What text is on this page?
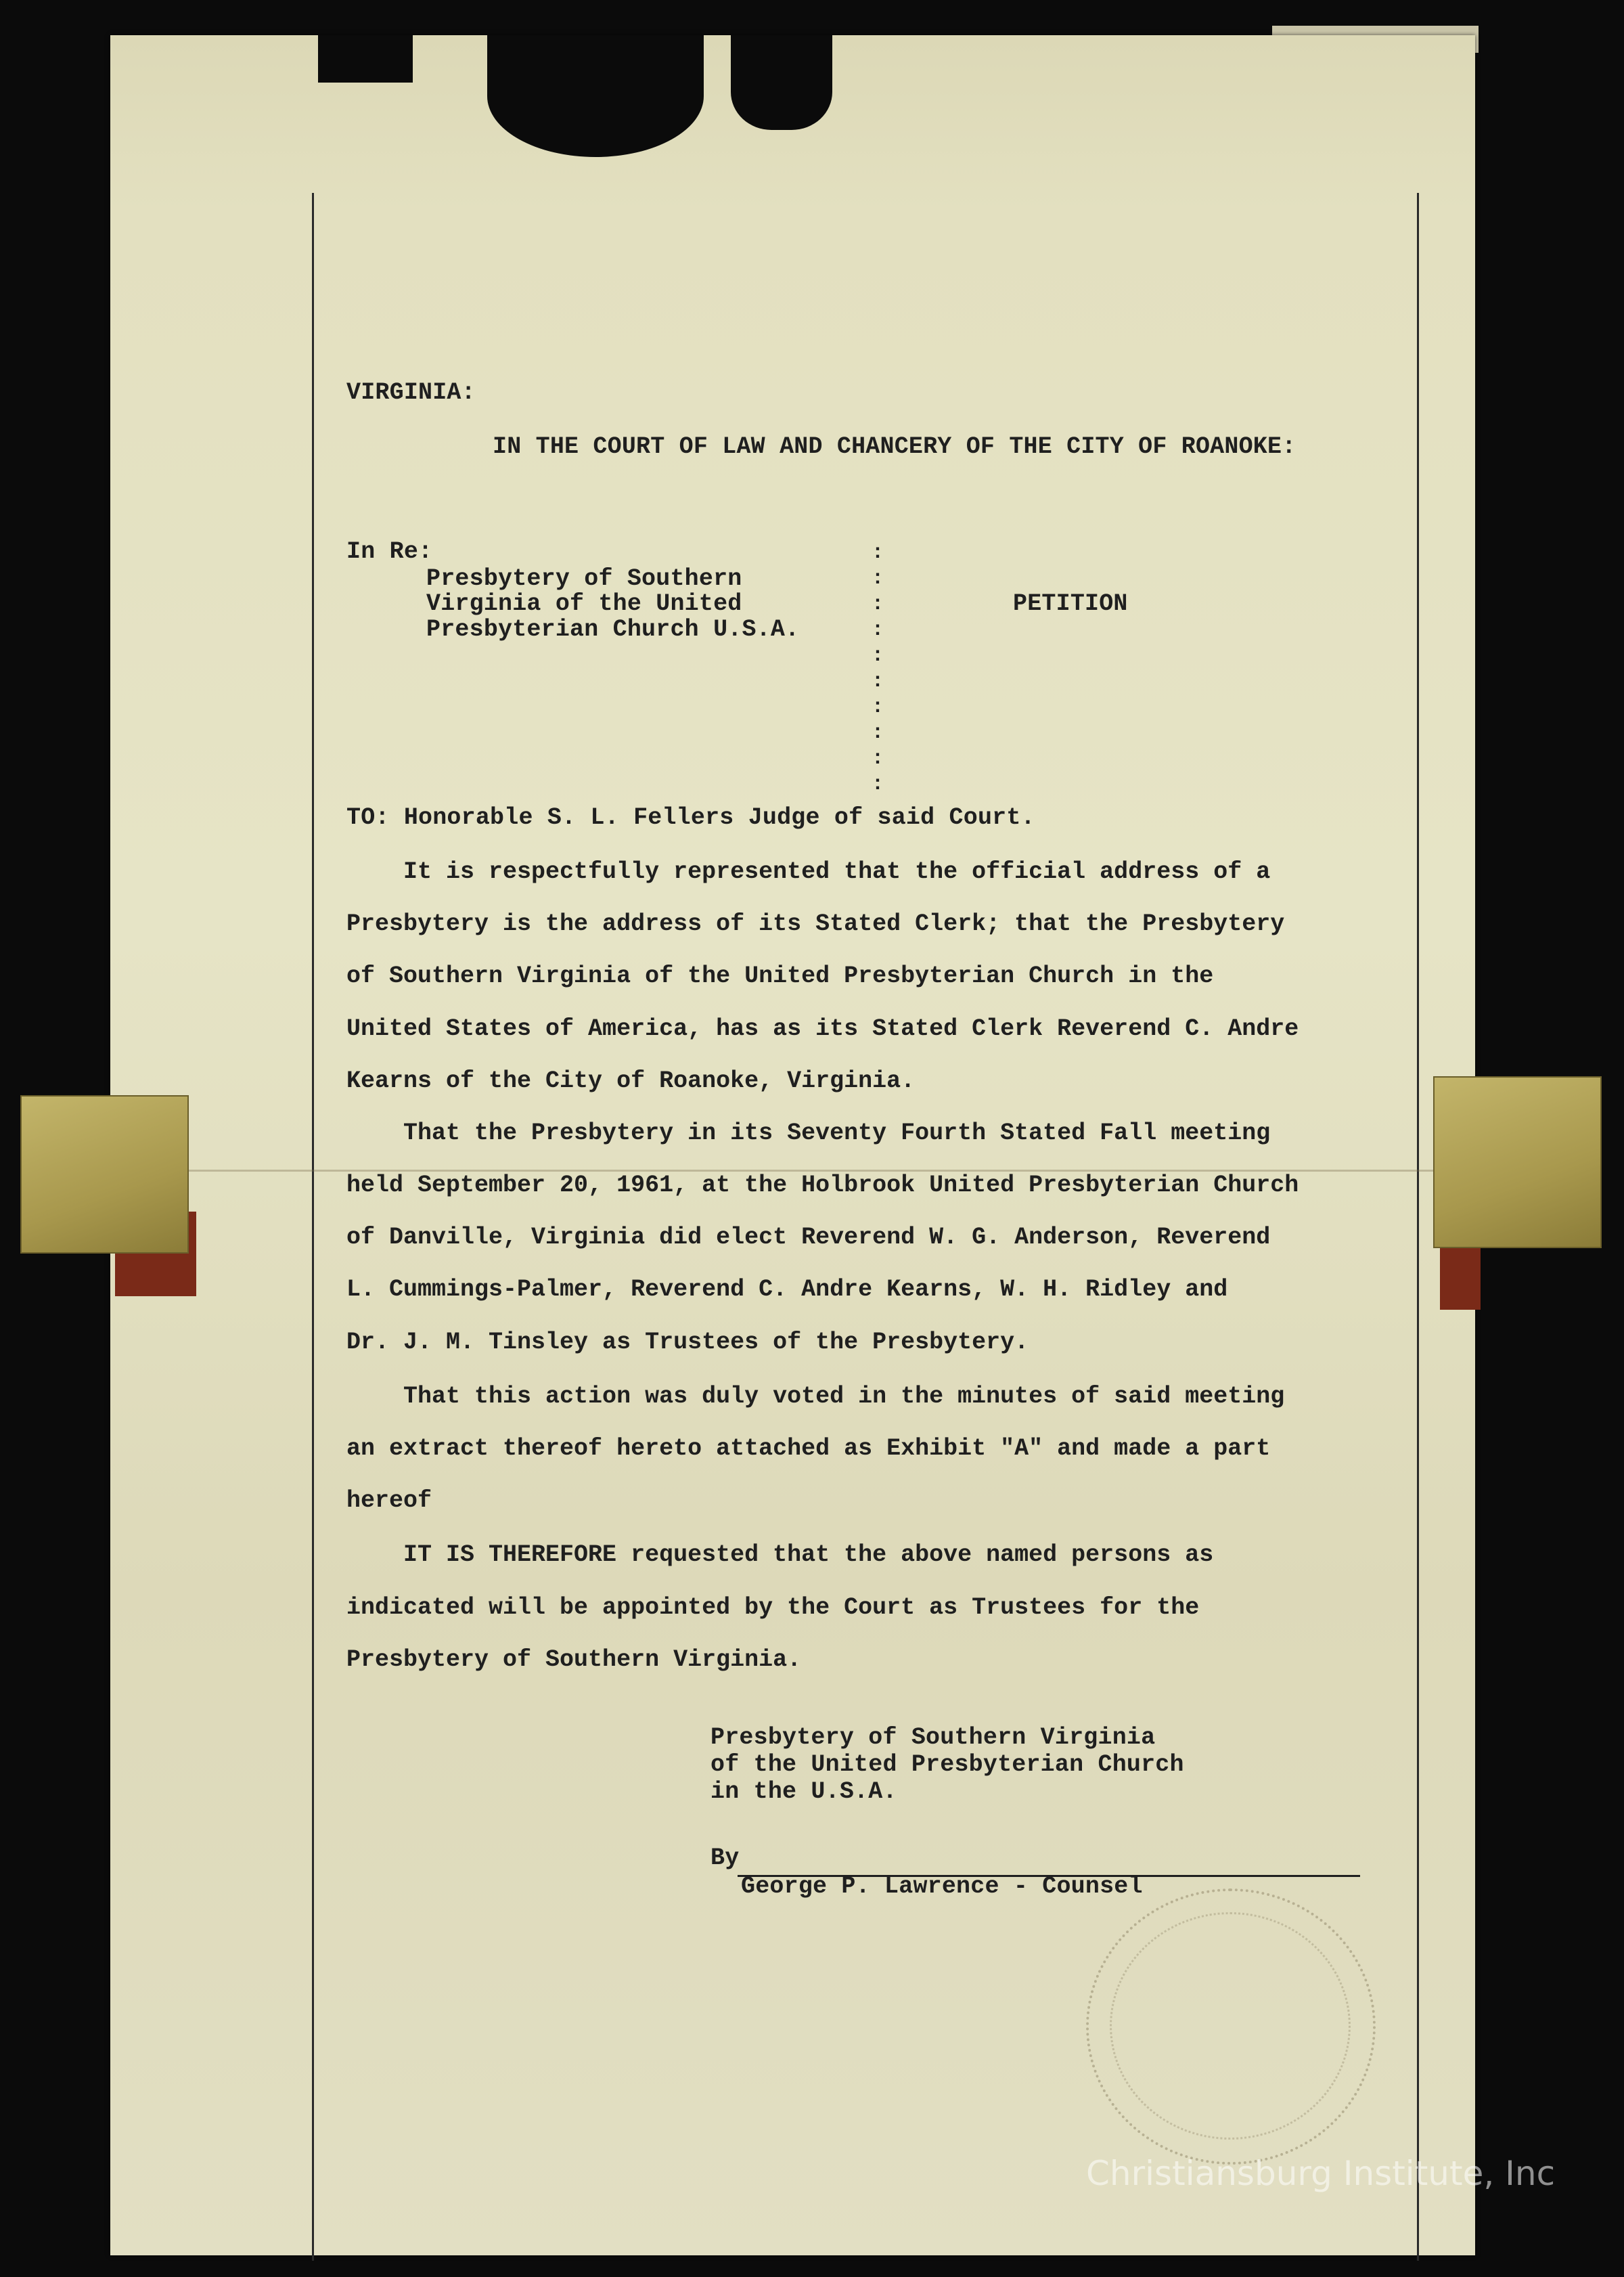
VIRGINIA:
IN THE COURT OF LAW AND CHANCERY OF THE CITY OF ROANOKE:
In Re:
Presbytery of Southern
Virginia of the United
Presbyterian Church U.S.A.
PETITION
:
:
:
:
:
:
:
:
:
:
TO: Honorable S. L. Fellers Judge of said Court.
It is respectfully represented that the official address of a
Presbytery is the address of its Stated Clerk; that the Presbytery
of Southern Virginia of the United Presbyterian Church in the
United States of America, has as its Stated Clerk Reverend C. Andre
Kearns of the City of Roanoke, Virginia.
That the Presbytery in its Seventy Fourth Stated Fall meeting
held September 20, 1961, at the Holbrook United Presbyterian Church
of Danville, Virginia did elect Reverend W. G. Anderson, Reverend
L. Cummings-Palmer, Reverend C. Andre Kearns, W. H. Ridley and
Dr. J. M. Tinsley as Trustees of the Presbytery.
That this action was duly voted in the minutes of said meeting
an extract thereof hereto attached as Exhibit "A" and made a part
hereof
IT IS THEREFORE requested that the above named persons as
indicated will be appointed by the Court as Trustees for the
Presbytery of Southern Virginia.
Presbytery of Southern Virginia
of the United Presbyterian Church
in the U.S.A.
By
George P. Lawrence - Counsel
Christiansburg Institute, Inc
